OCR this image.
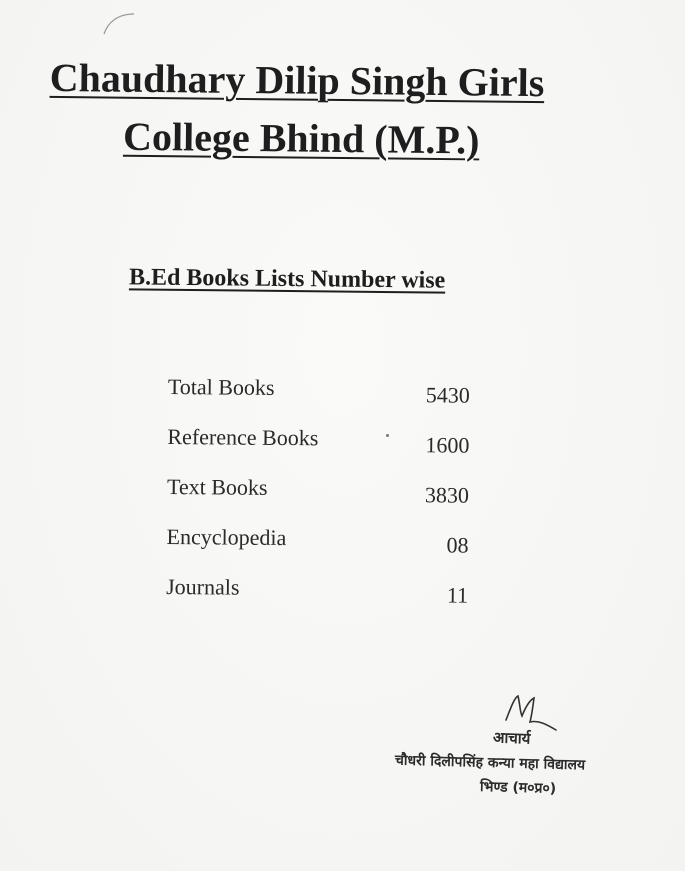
Chaudhary Dilip Singh Girls
College Bhind (M.P.)
B.Ed Books Lists Number wise
Total Books	5430
Reference Books	1600
Text Books	3830
Encyclopedia	08
Journals	11
आचार्य
चौधरी दिलीपसिंह कन्या महा विद्यालय
भिण्ड (म०प्र०)
